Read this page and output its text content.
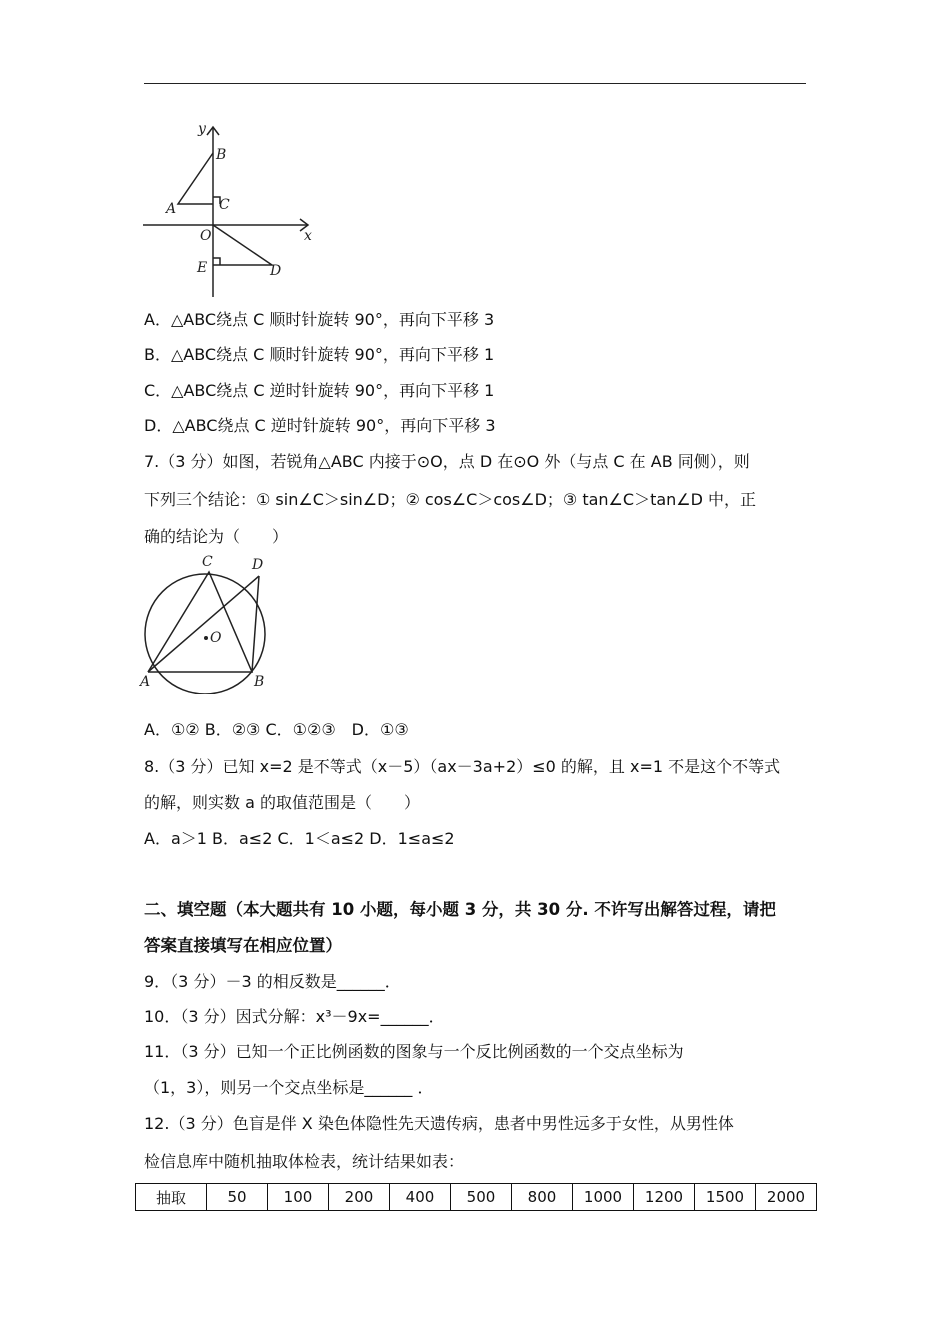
y
x
B
A	C
O
E	D
A．△ABC绕点 C 顺时针旋转 90°，再向下平移 3
B．△ABC绕点 C 顺时针旋转 90°，再向下平移 1
C．△ABC绕点 C 逆时针旋转 90°，再向下平移 1
D．△ABC绕点 C 逆时针旋转 90°，再向下平移 3
7.（3 分）如图，若锐角△ABC 内接于⊙O，点 D 在⊙O 外（与点 C 在 AB 同侧），则
下列三个结论：① sin∠C＞sin∠D；② cos∠C＞cos∠D；③ tan∠C＞tan∠D 中，正
确的结论为（　　）
C	D
O
A	B
A．①② B．②③ C．①②③　D．①③
8.（3 分）已知 x=2 是不等式（x－5）（ax－3a+2）≤0 的解，且 x=1 不是这个不等式
的解，则实数 a 的取值范围是（　　）
A．a＞1 B．a≤2 C．1＜a≤2 D．1≤a≤2
二、填空题（本大题共有 10 小题，每小题 3 分，共 30 分. 不许写出解答过程，请把
答案直接填写在相应位置）
9．（3 分）－3 的相反数是______．
10．（3 分）因式分解：x³－9x=______．
11．（3 分）已知一个正比例函数的图象与一个反比例函数的一个交点坐标为
（1，3），则另一个交点坐标是______ ．
12.（3 分）色盲是伴 X 染色体隐性先天遗传病，患者中男性远多于女性，从男性体
检信息库中随机抽取体检表，统计结果如表：
抽取	50	100	200	400	500	800	1000	1200	1500	2000
